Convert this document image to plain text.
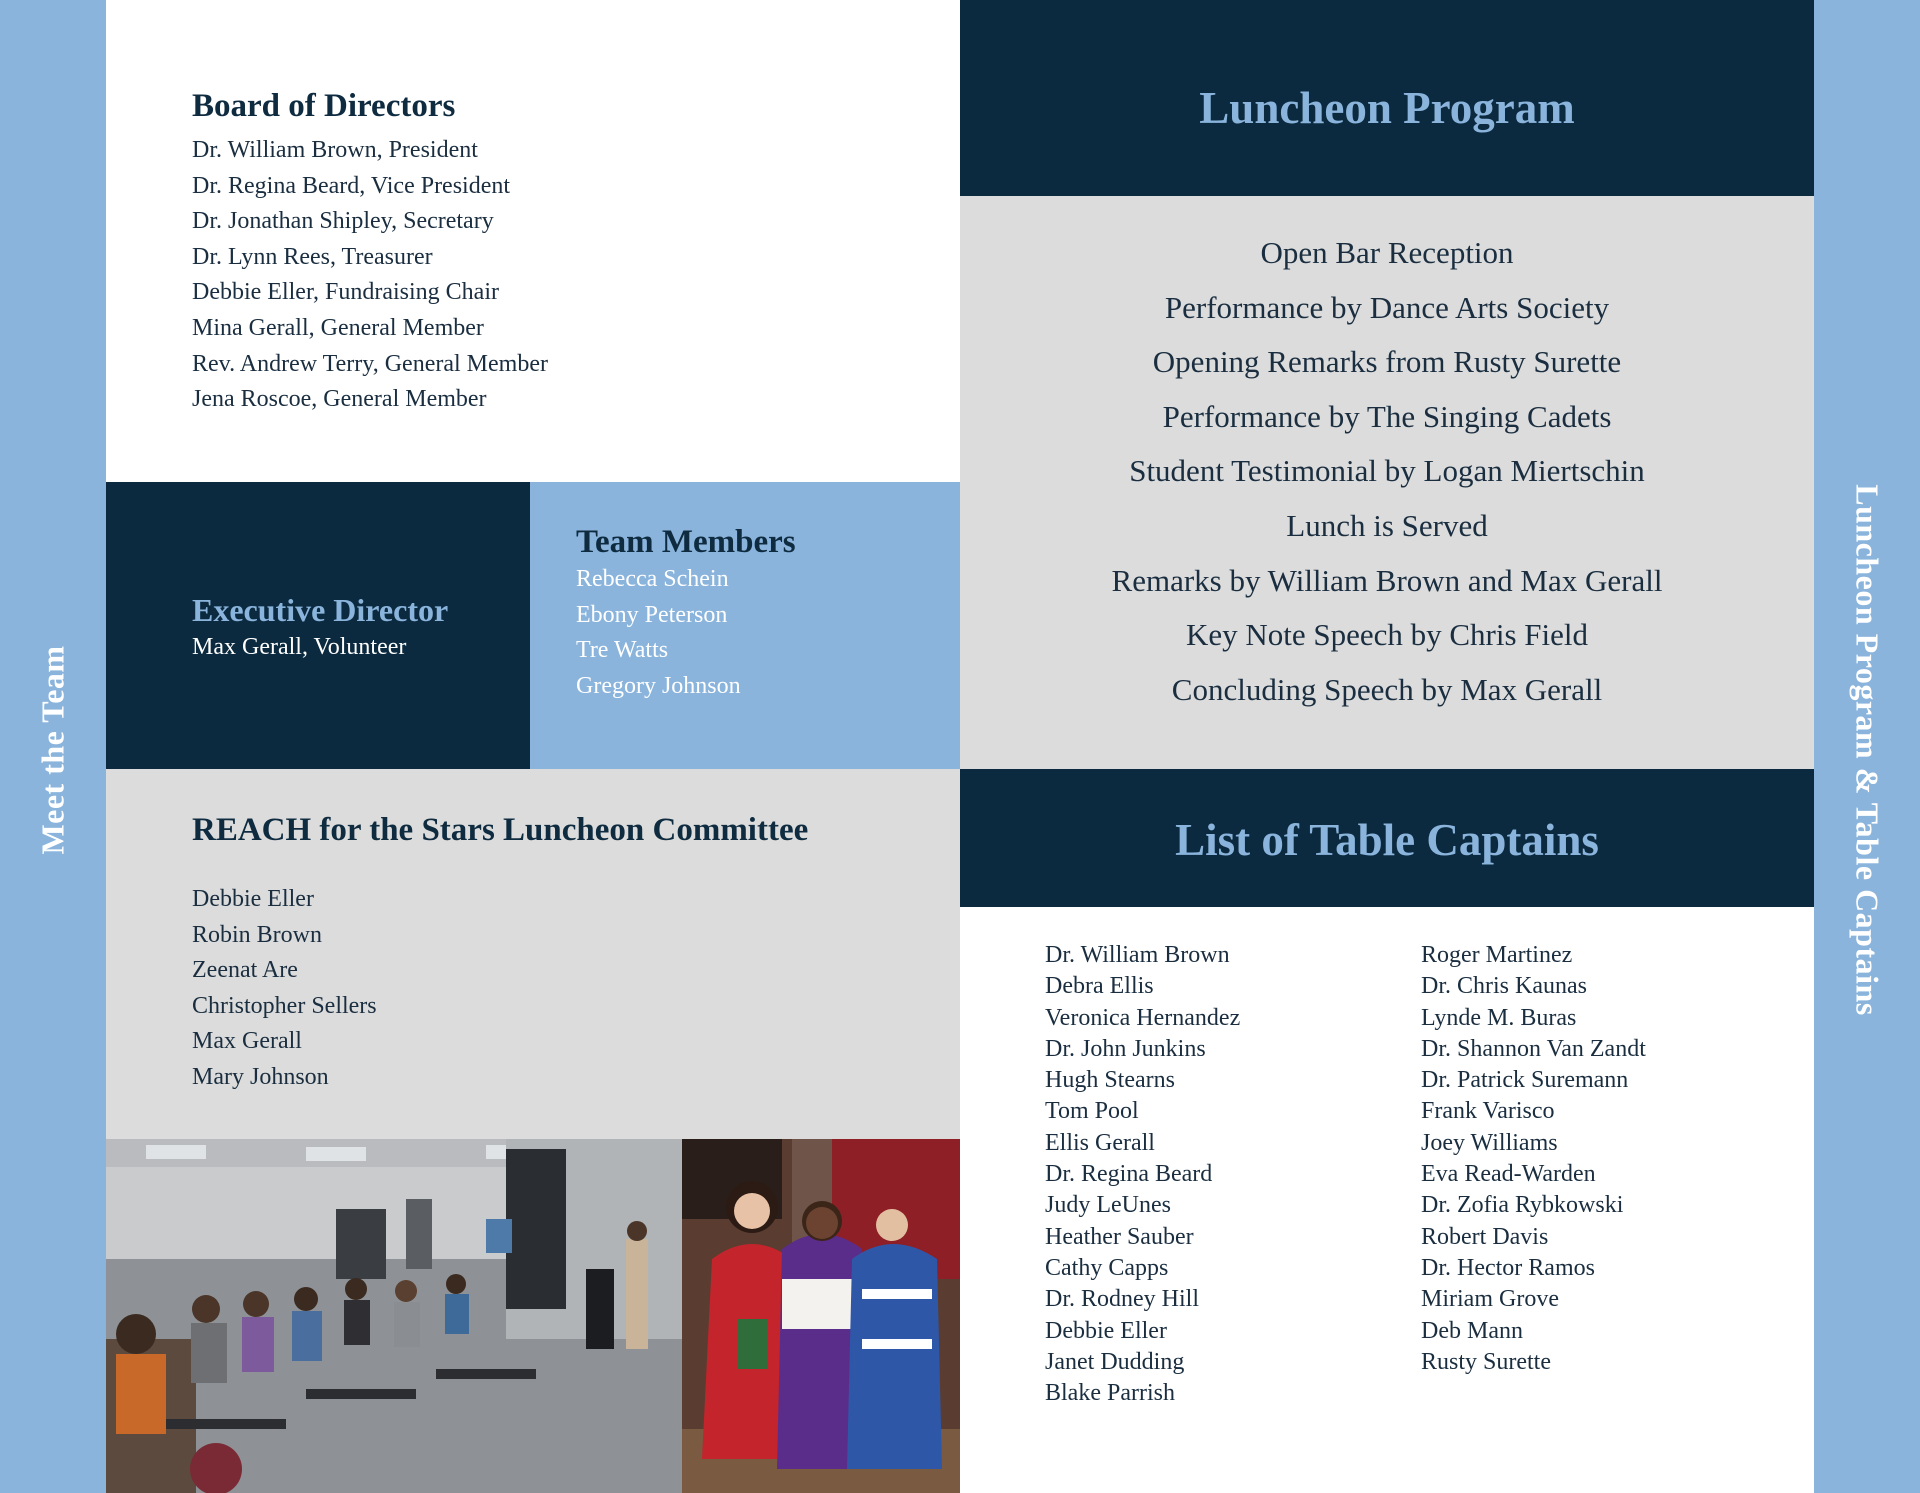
Meet the Team	Luncheon Program & Table Captains
Board of Directors
Dr. William Brown, President
Dr. Regina Beard, Vice President
Dr. Jonathan Shipley, Secretary
Dr. Lynn Rees, Treasurer
Debbie Eller, Fundraising Chair
Mina Gerall, General Member
Rev. Andrew Terry, General Member
Jena Roscoe, General Member
Executive Director
Max Gerall, Volunteer
Team Members
Rebecca Schein
Ebony Peterson
Tre Watts
Gregory Johnson
REACH for the Stars Luncheon Committee
Debbie Eller
Robin Brown
Zeenat Are
Christopher Sellers
Max Gerall
Mary Johnson
Luncheon Program
Open Bar Reception
Performance by Dance Arts Society
Opening Remarks from Rusty Surette
Performance by The Singing Cadets
Student Testimonial by Logan Miertschin
Lunch is Served
Remarks by William Brown and Max Gerall
Key Note Speech by Chris Field
Concluding Speech by Max Gerall
List of Table Captains
Dr. William Brown
Debra Ellis
Veronica Hernandez
Dr. John Junkins
Hugh Stearns
Tom Pool
Ellis Gerall
Dr. Regina Beard
Judy LeUnes
Heather Sauber
Cathy Capps
Dr. Rodney Hill
Debbie Eller
Janet Dudding
Blake Parrish
Roger Martinez
Dr. Chris Kaunas
Lynde M. Buras
Dr. Shannon Van Zandt
Dr. Patrick Suremann
Frank Varisco
Joey Williams
Eva Read-Warden
Dr. Zofia Rybkowski
Robert Davis
Dr. Hector Ramos
Miriam Grove
Deb Mann
Rusty Surette
